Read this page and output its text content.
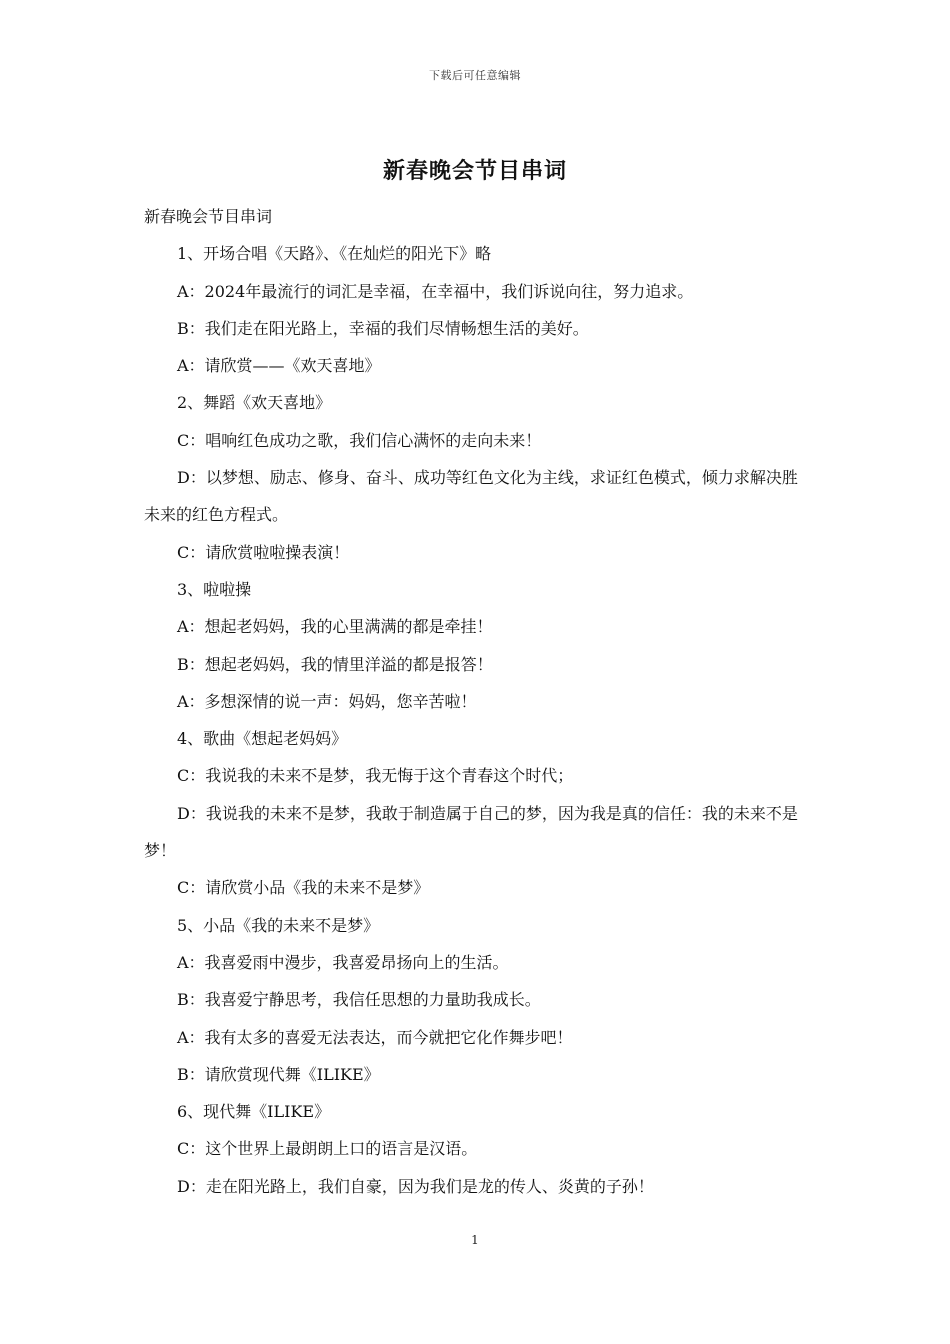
下载后可任意编辑
新春晚会节目串词

新春晚会节目串词

1、开场合唱《天路》、《在灿烂的阳光下》略

A：2024年最流行的词汇是幸福，在幸福中，我们诉说向往，努力追求。

B：我们走在阳光路上，幸福的我们尽情畅想生活的美好。

A：请欣赏——《欢天喜地》

2、舞蹈《欢天喜地》

C：唱响红色成功之歌，我们信心满怀的走向未来！

D：以梦想、励志、修身、奋斗、成功等红色文化为主线，求证红色模式，倾力求解决胜未来的红色方程式。

C：请欣赏啦啦操表演！

3、啦啦操

A：想起老妈妈，我的心里满满的都是牵挂！

B：想起老妈妈，我的情里洋溢的都是报答！

A：多想深情的说一声：妈妈，您辛苦啦！

4、歌曲《想起老妈妈》

C：我说我的未来不是梦，我无悔于这个青春这个时代；

D：我说我的未来不是梦，我敢于制造属于自己的梦，因为我是真的信任：我的未来不是梦！

C：请欣赏小品《我的未来不是梦》

5、小品《我的未来不是梦》

A：我喜爱雨中漫步，我喜爱昂扬向上的生活。

B：我喜爱宁静思考，我信任思想的力量助我成长。

A：我有太多的喜爱无法表达，而今就把它化作舞步吧！

B：请欣赏现代舞《ILIKE》

6、现代舞《ILIKE》

C：这个世界上最朗朗上口的语言是汉语。

D：走在阳光路上，我们自豪，因为我们是龙的传人、炎黄的子孙！

1
